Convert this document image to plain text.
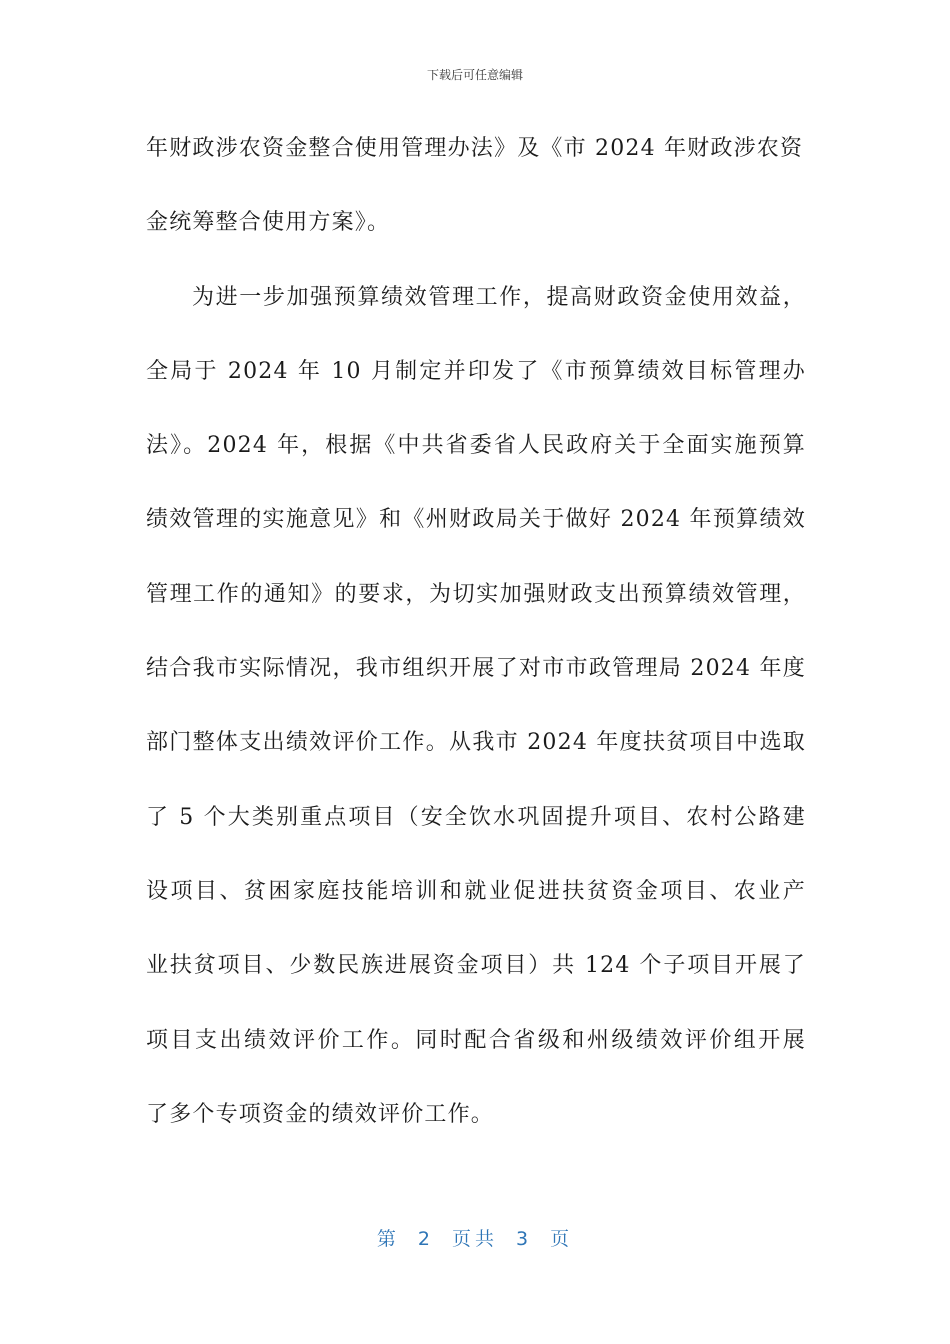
下载后可任意编辑
年财政涉农资金整合使用管理办法》及《市 2024 年财政涉农资
金统筹整合使用方案》。
为进一步加强预算绩效管理工作，提高财政资金使用效益，
全局于 2024 年 10 月制定并印发了《市预算绩效目标管理办
法》。2024 年，根据《中共省委省人民政府关于全面实施预算
绩效管理的实施意见》和《州财政局关于做好 2024 年预算绩效
管理工作的通知》的要求，为切实加强财政支出预算绩效管理，
结合我市实际情况，我市组织开展了对市市政管理局 2024 年度
部门整体支出绩效评价工作。从我市 2024 年度扶贫项目中选取
了 5 个大类别重点项目（安全饮水巩固提升项目、农村公路建
设项目、贫困家庭技能培训和就业促进扶贫资金项目、农业产
业扶贫项目、少数民族进展资金项目）共 124 个子项目开展了
项目支出绩效评价工作。同时配合省级和州级绩效评价组开展
了多个专项资金的绩效评价工作。
第 2 页共 3 页
